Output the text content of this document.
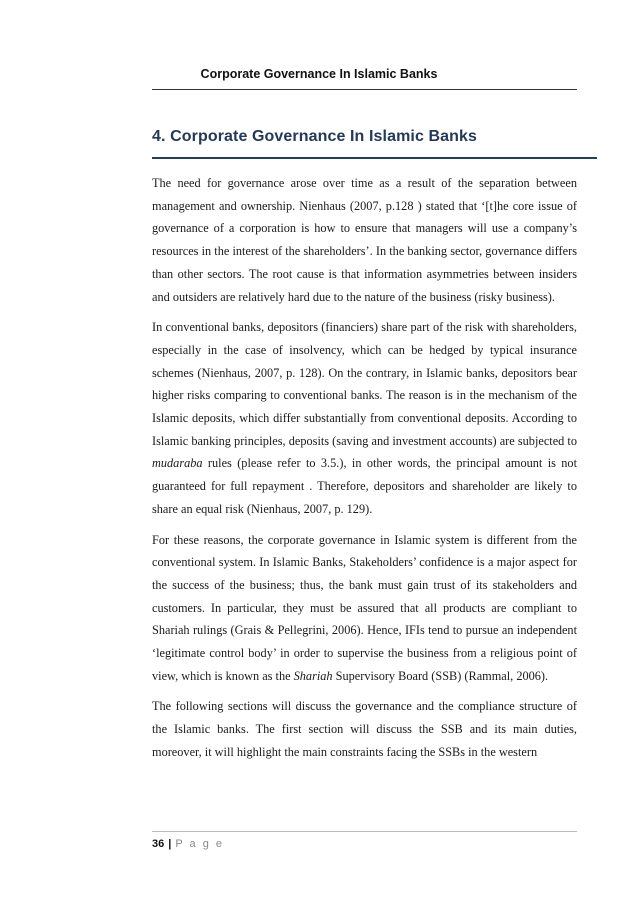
Corporate Governance In Islamic Banks
4. Corporate Governance In Islamic Banks

The need for governance arose over time as a result of the separation between management and ownership. Nienhaus (2007, p.128 ) stated that ‘[t]he core issue of governance of a corporation is how to ensure that managers will use a company’s resources in the interest of the shareholders’. In the banking sector, governance differs than other sectors. The root cause is that information asymmetries between insiders and outsiders are relatively hard due to the nature of the business (risky business).

In conventional banks, depositors (financiers) share part of the risk with shareholders, especially in the case of insolvency, which can be hedged by typical insurance schemes (Nienhaus, 2007, p. 128). On the contrary, in Islamic banks, depositors bear higher risks comparing to conventional banks. The reason is in the mechanism of the Islamic deposits, which differ substantially from conventional deposits. According to Islamic banking principles, deposits (saving and investment accounts) are subjected to mudaraba rules (please refer to 3.5.), in other words, the principal amount is not guaranteed for full repayment . Therefore, depositors and shareholder are likely to share an equal risk (Nienhaus, 2007, p. 129).

For these reasons, the corporate governance in Islamic system is different from the conventional system. In Islamic Banks, Stakeholders’ confidence is a major aspect for the success of the business; thus, the bank must gain trust of its stakeholders and customers. In particular, they must be assured that all products are compliant to Shariah rulings (Grais & Pellegrini, 2006). Hence, IFIs tend to pursue an independent ‘legitimate control body’ in order to supervise the business from a religious point of view, which is known as the Shariah Supervisory Board (SSB) (Rammal, 2006).

The following sections will discuss the governance and the compliance structure of the Islamic banks. The first section will discuss the SSB and its main duties, moreover, it will highlight the main constraints facing the SSBs in the western

36 | P a g e
